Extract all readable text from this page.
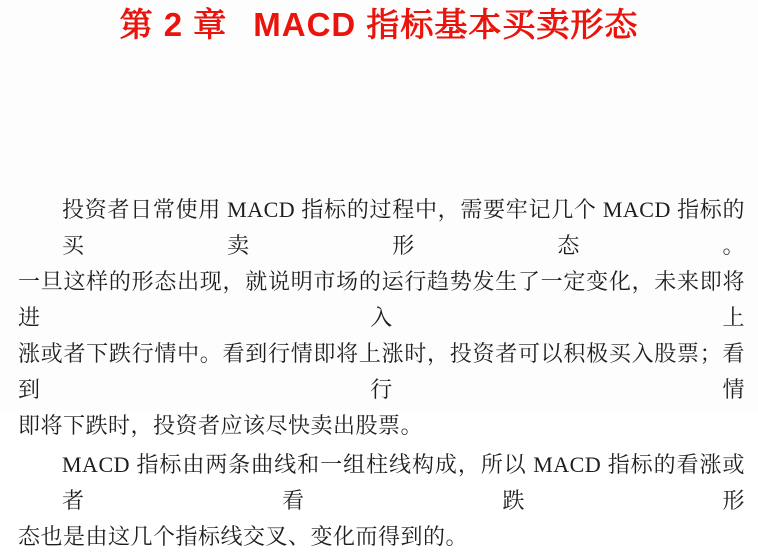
第 2 章 MACD 指标基本买卖形态
投资者日常使用 MACD 指标的过程中，需要牢记几个 MACD 指标的买卖形态。
一旦这样的形态出现，就说明市场的运行趋势发生了一定变化，未来即将进入上
涨或者下跌行情中。看到行情即将上涨时，投资者可以积极买入股票；看到行情
即将下跌时，投资者应该尽快卖出股票。
MACD 指标由两条曲线和一组柱线构成，所以 MACD 指标的看涨或者看跌形
态也是由这几个指标线交叉、变化而得到的。
